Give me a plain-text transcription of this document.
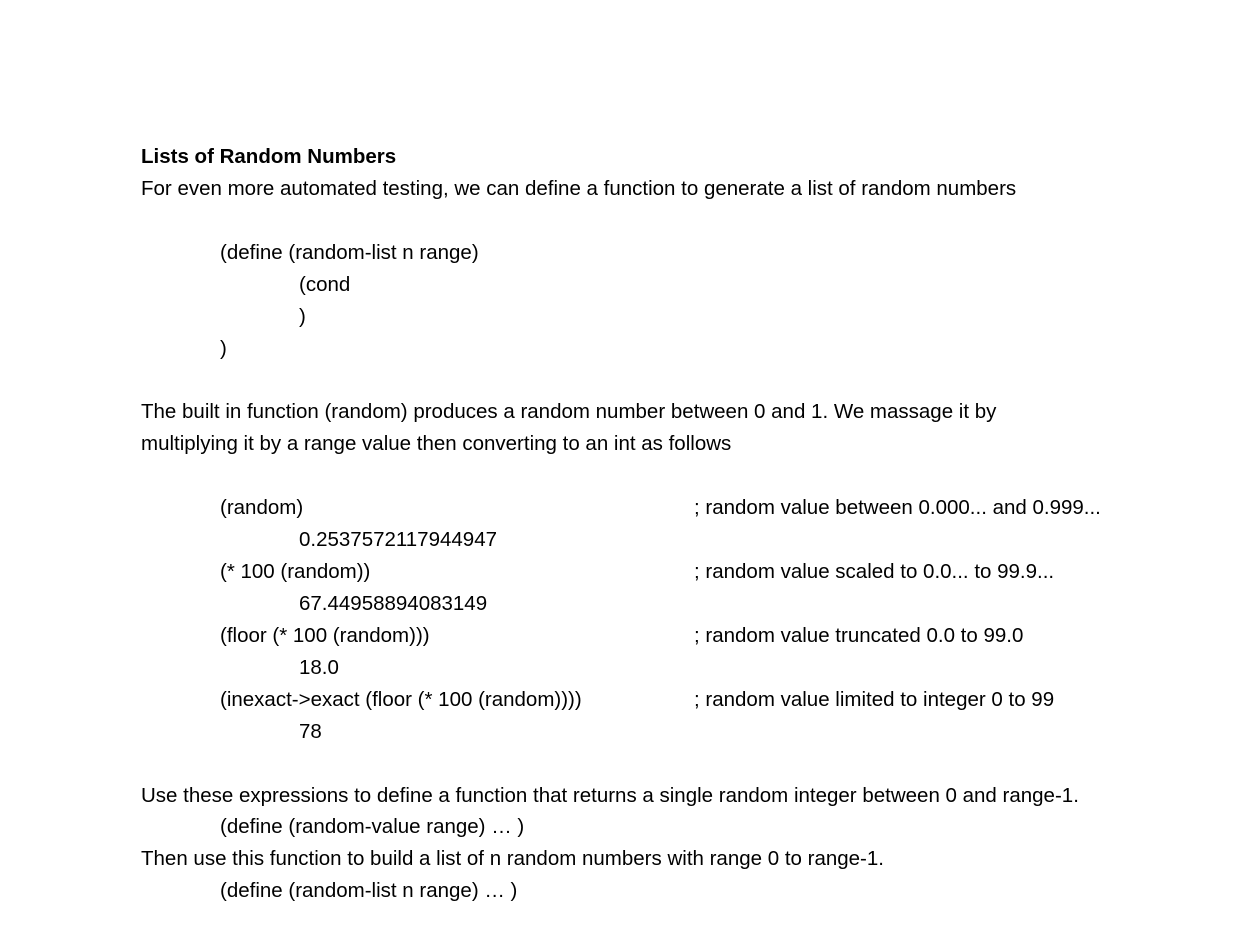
Lists of Random Numbers
For even more automated testing, we can define a function to generate a list of random numbers
(define (random-list n range)
(cond
)
)
The built in function (random) produces a random number between 0 and 1. We massage it by
multiplying it by a range value then converting to an int as follows
(random)	; random value between 0.000... and 0.999...
0.2537572117944947
(* 100 (random))	; random value scaled to 0.0... to 99.9...
67.44958894083149
(floor (* 100 (random)))	; random value truncated 0.0 to 99.0
18.0
(inexact->exact (floor (* 100 (random))))	; random value limited to integer 0 to 99
78
Use these expressions to define a function that returns a single random integer between 0 and range-1.
(define (random-value range) … )
Then use this function to build a list of n random numbers with range 0 to range-1.
(define (random-list n range) … )
